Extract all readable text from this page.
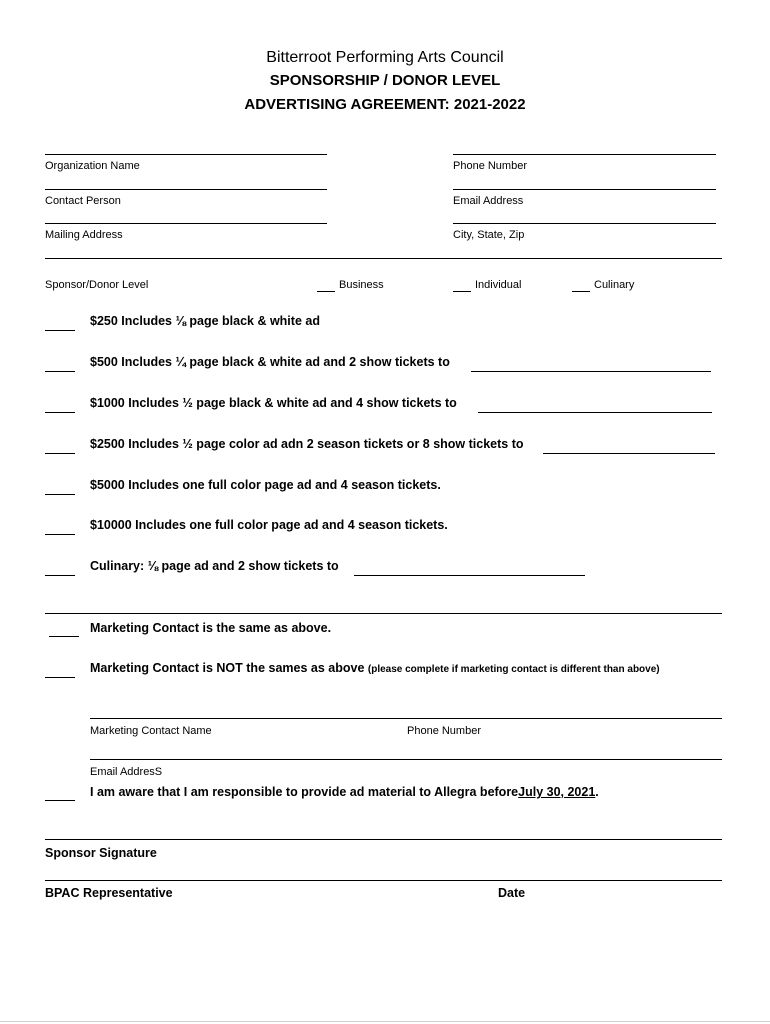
Bitterroot Performing Arts Council
SPONSORSHIP / DONOR LEVEL
ADVERTISING AGREEMENT: 2021-2022
Organization Name	Phone Number
Contact Person	Email Address
Mailing Address	City, State, Zip
Sponsor/Donor Level	Business	Individual	Culinary
$250 Includes ⅛ page black & white ad
$500 Includes ¼ page black & white ad and 2 show tickets to
$1000 Includes ½ page black & white ad and 4 show tickets to
$2500 Includes ½ page color ad adn 2 season tickets or 8 show tickets to
$5000 Includes one full color page ad and 4 season tickets.
$10000 Includes one full color page ad and 4 season tickets.
Culinary: ⅛ page ad and 2 show tickets to
Marketing Contact is the same as above.
Marketing Contact is NOT the sames as above (please complete if marketing contact is different than above)
Marketing Contact Name	Phone Number
Email AddresS
I am aware that I am responsible to provide ad material to Allegra beforeJuly 30, 2021.
Sponsor Signature
BPAC Representative	Date
